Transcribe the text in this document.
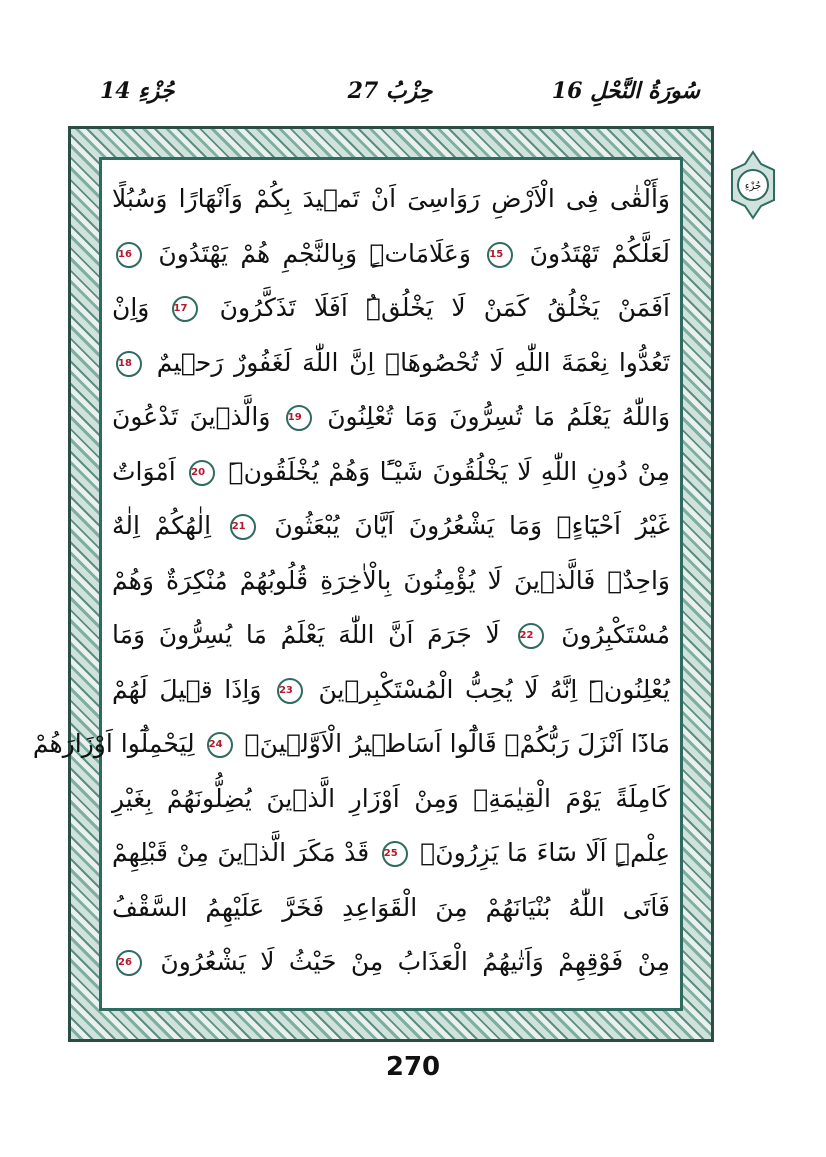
جُزْءِ 14	حِزْبُ 27	16 سُورَةُ النَّحْلِ
وَأَلْقٰى فِى الْاَرْضِ رَوَاسِىَ اَنْ تَم۪يدَ بِكُمْ وَاَنْهَارًا وَسُبُلًا
لَعَلَّكُمْ تَهْتَدُونَ 15 وَعَلَامَاتٍۜ وَبِالنَّجْمِ هُمْ يَهْتَدُونَ 16
اَفَمَنْ يَخْلُقُ كَمَنْ لَا يَخْلُقُۜ اَفَلَا تَذَكَّرُونَ 17 وَاِنْ
تَعُدُّوا نِعْمَةَ اللّٰهِ لَا تُحْصُوهَاۜ اِنَّ اللّٰهَ لَغَفُورٌ رَح۪يمٌ 18
وَاللّٰهُ يَعْلَمُ مَا تُسِرُّونَ وَمَا تُعْلِنُونَ 19 وَالَّذ۪ينَ تَدْعُونَ
مِنْ دُونِ اللّٰهِ لَا يَخْلُقُونَ شَيْـًٔا وَهُمْ يُخْلَقُونَۜ 20 اَمْوَاتٌ
غَيْرُ اَحْيَٓاءٍۚ وَمَا يَشْعُرُونَ اَيَّانَ يُبْعَثُونَ 21 اِلٰهُكُمْ اِلٰهٌ
وَاحِدٌۚ فَالَّذ۪ينَ لَا يُؤْمِنُونَ بِالْاٰخِرَةِ قُلُوبُهُمْ مُنْكِرَةٌ وَهُمْ
مُسْتَكْبِرُونَ 22 لَا جَرَمَ اَنَّ اللّٰهَ يَعْلَمُ مَا يُسِرُّونَ وَمَا
يُعْلِنُونَۜ اِنَّهُ لَا يُحِبُّ الْمُسْتَكْبِر۪ينَ 23 وَاِذَا ق۪يلَ لَهُمْ
مَاذَٓا اَنْزَلَ رَبُّكُمْۙ قَالُٓوا اَسَاط۪يرُ الْاَوَّل۪ينَۙ 24 لِيَحْمِلُٓوا اَوْزَارَهُمْ
كَامِلَةً يَوْمَ الْقِيٰمَةِۙ وَمِنْ اَوْزَارِ الَّذ۪ينَ يُضِلُّونَهُمْ بِغَيْرِ
عِلْمٍۜ اَلَا سَٓاءَ مَا يَزِرُونَ۟ 25 قَدْ مَكَرَ الَّذ۪ينَ مِنْ قَبْلِهِمْ
فَاَتَى اللّٰهُ بُنْيَانَهُمْ مِنَ الْقَوَاعِدِ فَخَرَّ عَلَيْهِمُ السَّقْفُ
مِنْ فَوْقِهِمْ وَاَتٰيهُمُ الْعَذَابُ مِنْ حَيْثُ لَا يَشْعُرُونَ 26
جُزْءِ
270
